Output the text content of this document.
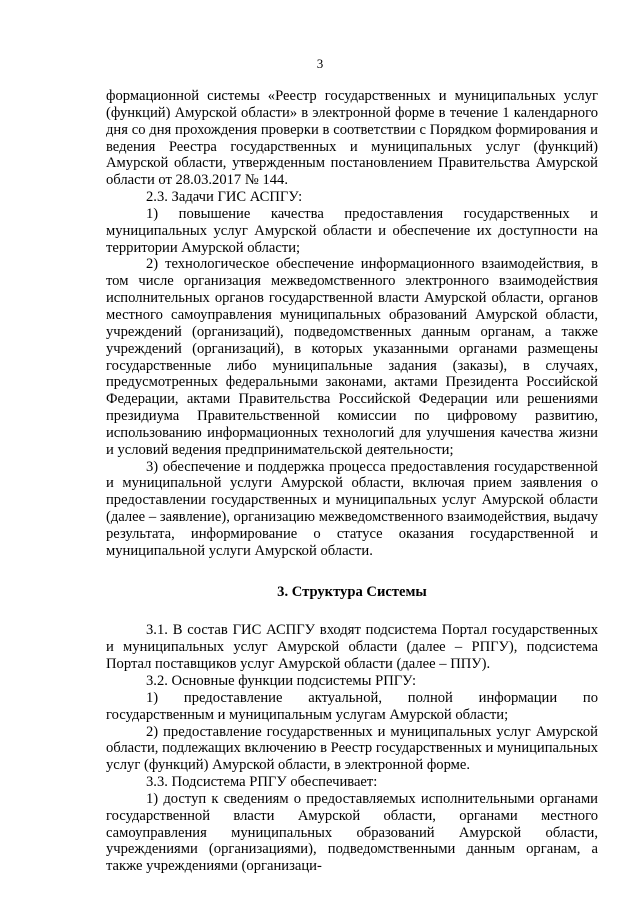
3

формационной системы «Реестр государственных и муниципальных услуг (функций) Амурской области» в электронной форме в течение 1 календарного дня со дня прохождения проверки в соответствии с Порядком формирования и ведения Реестра государственных и муниципальных услуг (функций) Амурской области, утвержденным постановлением Правительства Амурской области от 28.03.2017 № 144.

2.3. Задачи ГИС АСПГУ:

1) повышение качества предоставления государственных и муниципальных услуг Амурской области и обеспечение их доступности на территории Амурской области;

2) технологическое обеспечение информационного взаимодействия, в том числе организация межведомственного электронного взаимодействия исполнительных органов государственной власти Амурской области, органов местного самоуправления муниципальных образований Амурской области, учреждений (организаций), подведомственных данным органам, а также учреждений (организаций), в которых указанными органами размещены государственные либо муниципальные задания (заказы), в случаях, предусмотренных федеральными законами, актами Президента Российской Федерации, актами Правительства Российской Федерации или решениями президиума Правительственной комиссии по цифровому развитию, использованию информационных технологий для улучшения качества жизни и условий ведения предпринимательской деятельности;

3) обеспечение и поддержка процесса предоставления государственной и муниципальной услуги Амурской области, включая прием заявления о предоставлении государственных и муниципальных услуг Амурской области (далее – заявление), организацию межведомственного взаимодействия, выдачу результата, информирование о статусе оказания государственной и муниципальной услуги Амурской области.

3. Структура Системы

3.1. В состав ГИС АСПГУ входят подсистема Портал государственных и муниципальных услуг Амурской области (далее – РПГУ), подсистема Портал поставщиков услуг Амурской области (далее – ППУ).

3.2. Основные функции подсистемы РПГУ:

1) предоставление актуальной, полной информации по государственным и муниципальным услугам Амурской области;

2) предоставление государственных и муниципальных услуг Амурской области, подлежащих включению в Реестр государственных и муниципальных услуг (функций) Амурской области, в электронной форме.

3.3. Подсистема РПГУ обеспечивает:

1) доступ к сведениям о предоставляемых исполнительными органами государственной власти Амурской области, органами местного самоуправления муниципальных образований Амурской области, учреждениями (организациями), подведомственными данным органам, а также учреждениями (организаци-
